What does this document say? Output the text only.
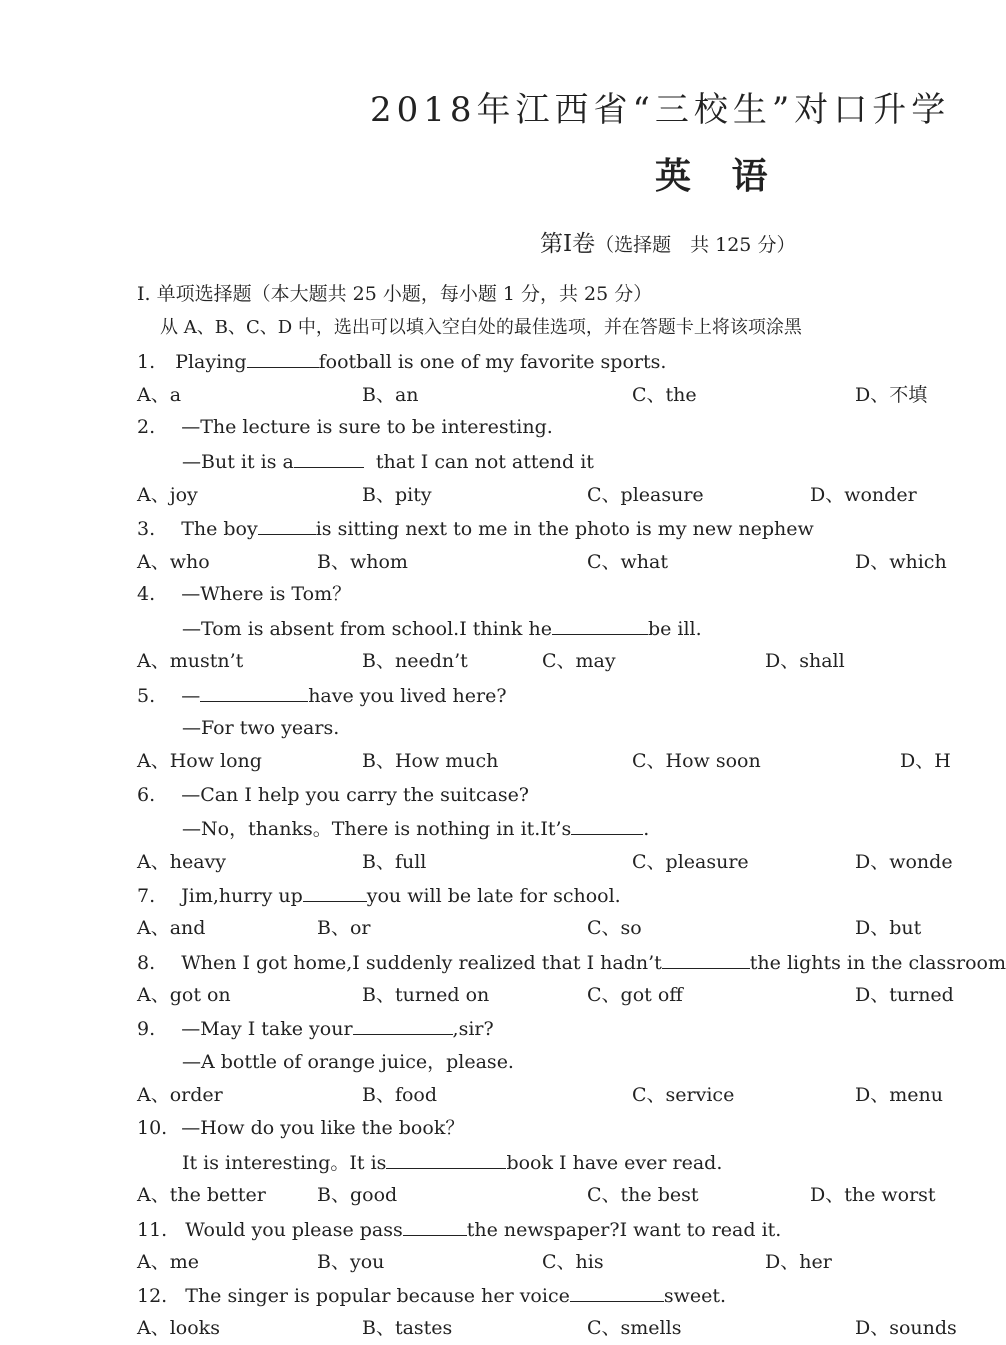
2018年江西省“三校生”对口升学
英 语
第I卷（选择题　共 125 分）
I. 单项选择题（本大题共 25 小题，每小题 1 分，共 25 分）
从 A、B、C、D 中，选出可以填入空白处的最佳选项，并在答题卡上将该项涂黑
1. Playing	football is one of my favorite sports.
A、a	B、an	C、the	D、不填
2. —The lecture is sure to be interesting.
—But it is a	that I can not attend it
A、joy	B、pity	C、pleasure	D、wonder
3. The boy	is sitting next to me in the photo is my new nephew
A、who	B、whom	C、what	D、which
4. —Where is Tom？
—Tom is absent from school.I think he	be ill.
A、mustn’t	B、needn’t	C、may	D、shall
5. —	have you lived here?
—For two years.
A、How long	B、How much	C、How soon	D、H
6. —Can I help you carry the suitcase?
—No，thanks。There is nothing in it.It’s	.
A、heavy	B、full	C、pleasure	D、wonde
7. Jim,hurry up	you will be late for school.
A、and	B、or	C、so	D、but
8. When I got home,I suddenly realized that I hadn’t	the lights in the classroom
A、got on	B、turned on	C、got off	D、turned
9. —May I take your	,sir?
—A bottle of orange juice，please.
A、order	B、food	C、service	D、menu
10. —How do you like the book？
It is interesting。It is	book I have ever read.
A、the better	B、good	C、the best	D、the worst
11. Would you please pass	the newspaper?I want to read it.
A、me	B、you	C、his	D、her
12. The singer is popular because her voice	sweet.
A、looks	B、tastes	C、smells	D、sounds
